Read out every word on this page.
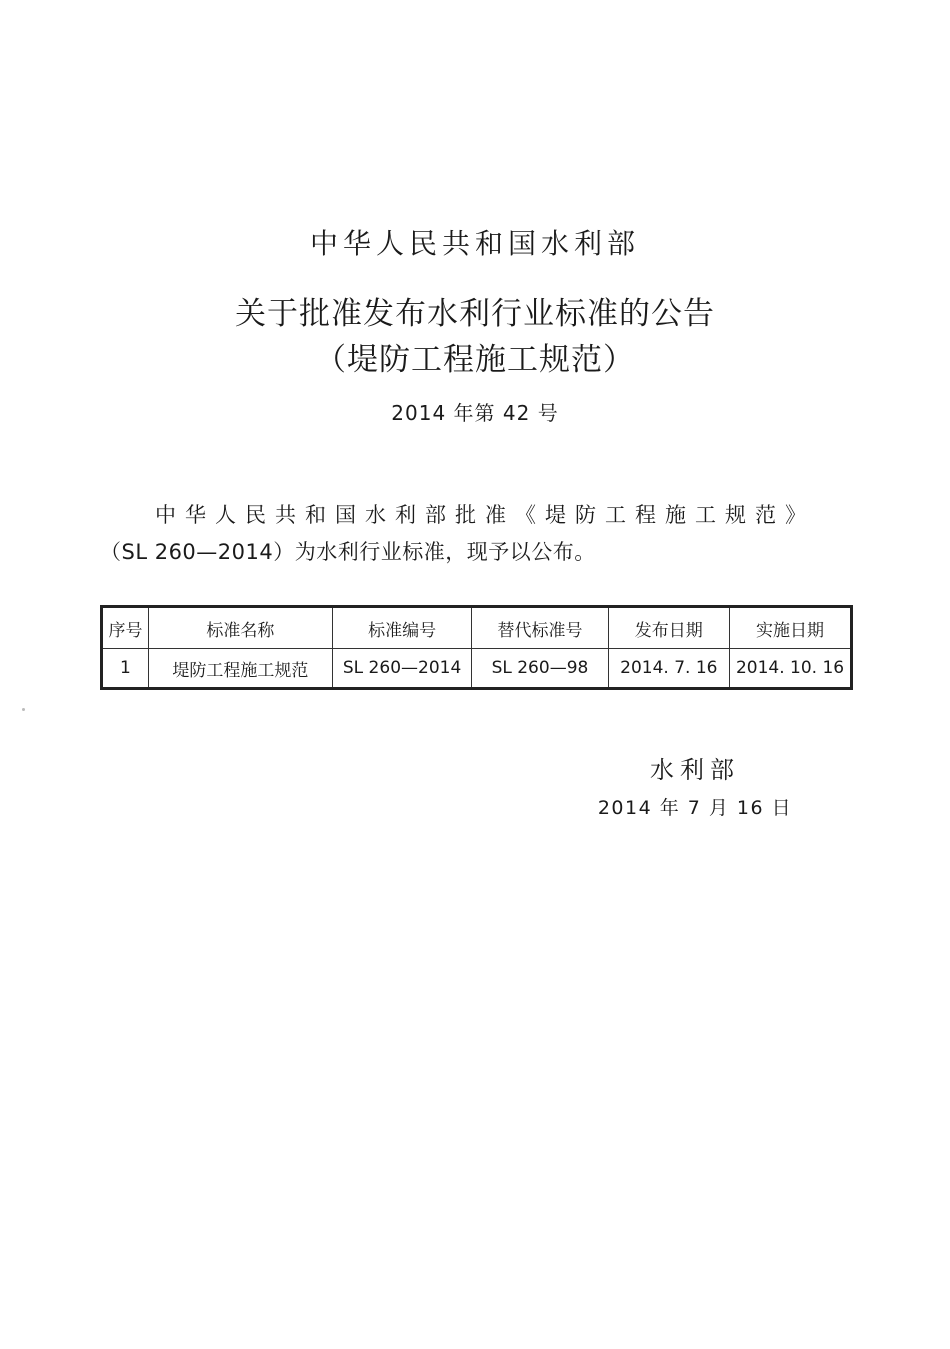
中华人民共和国水利部
关于批准发布水利行业标准的公告
（堤防工程施工规范）
2014 年第 42 号
中华人民共和国水利部批准《堤防工程施工规范》
（SL 260—2014）为水利行业标准，现予以公布。
序号	标准名称	标准编号	替代标准号	发布日期	实施日期
1	堤防工程施工规范	SL 260—2014	SL 260—98	2014. 7. 16	2014. 10. 16
水利部
2014 年 7 月 16 日
